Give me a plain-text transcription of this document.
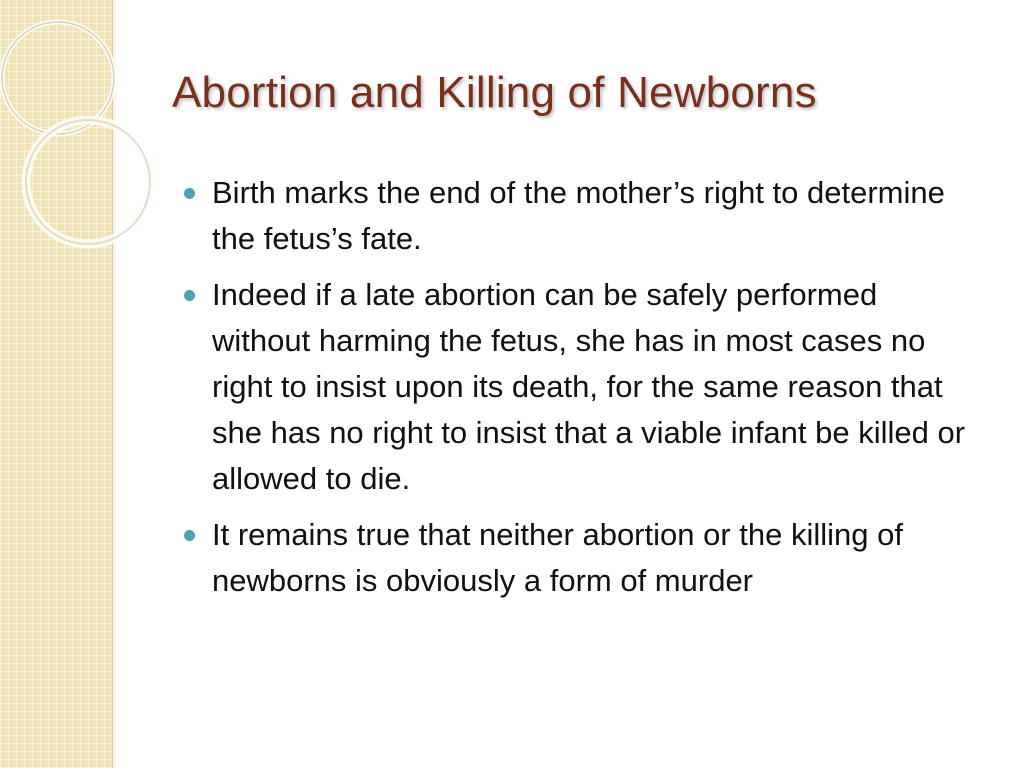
Abortion and Killing of Newborns
Birth marks the end of the mother’s right to determine the fetus’s fate.
Indeed if a late abortion can be safely performed without harming the fetus, she has in most cases no right to insist upon its death, for the same reason that she has no right to insist that a viable infant be killed or allowed to die.
It remains true that neither abortion or the killing of newborns is obviously a form of murder
